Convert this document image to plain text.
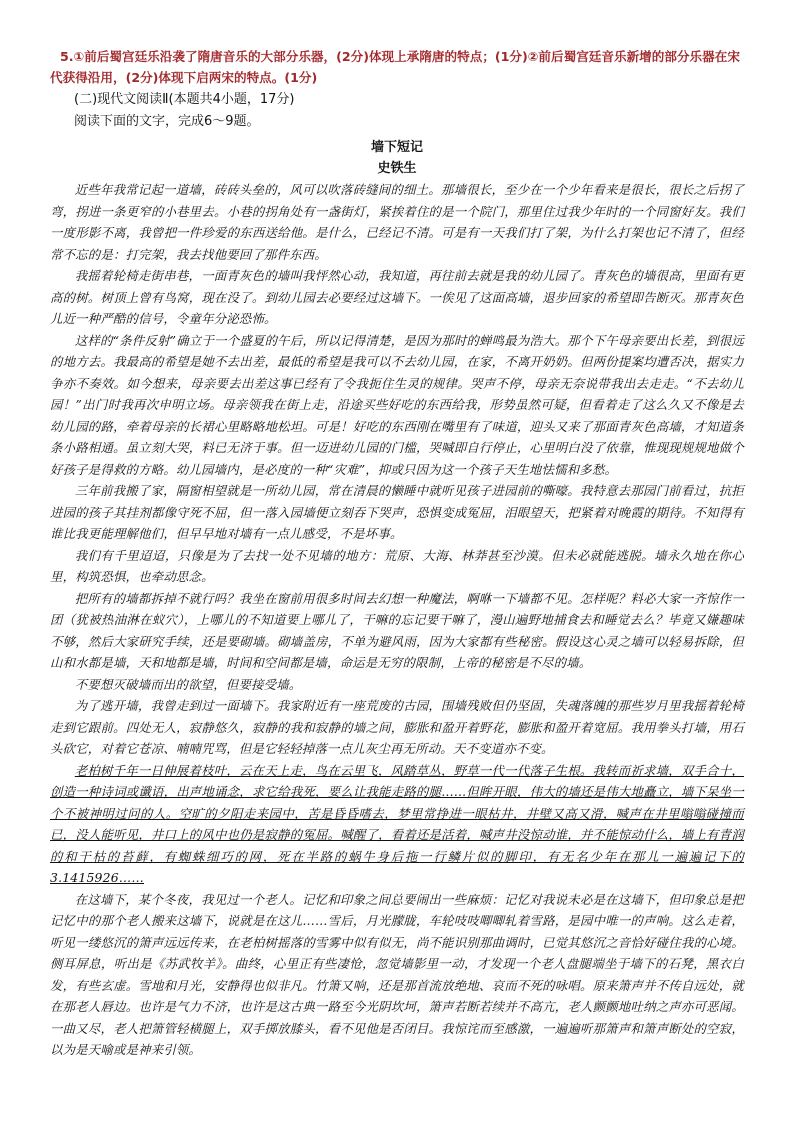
5.①前后蜀宫廷乐沿袭了隋唐音乐的大部分乐器，(2分)体现上承隋唐的特点；(1分)②前后蜀宫廷音乐新增的部分乐器在宋代获得沿用，(2分)体现下启两宋的特点。(1分)

(二)现代文阅读Ⅱ(本题共4小题，17分)

阅读下面的文字，完成6～9题。

墙下短记

史铁生

近些年我常记起一道墙，砖砖头垒的，风可以吹落砖缝间的细土。那墙很长，至少在一个少年看来是很长，很长之后拐了弯，拐进一条更窄的小巷里去。小巷的拐角处有一盏街灯，紧挨着住的是一个院门，那里住过我少年时的一个同窗好友。我们一度形影不离，我曾把一件珍爱的东西送给他。是什么，已经记不清。可是有一天我们打了架，为什么打架也记不清了，但经常不忘的是：打完架，我去找他要回了那件东西。

我摇着轮椅走街串巷，一面青灰色的墙叫我怦然心动，我知道，再往前去就是我的幼儿园了。青灰色的墙很高，里面有更高的树。树顶上曾有鸟窝，现在没了。到幼儿园去必要经过这墙下。一俟见了这面高墙，退步回家的希望即告断灭。那青灰色儿近一种严酷的信号，令童年分泌恐怖。

这样的“条件反射”确立于一个盛夏的午后，所以记得清楚，是因为那时的蝉鸣最为浩大。那个下午母亲要出长差，到很远的地方去。我最高的希望是她不去出差，最低的希望是我可以不去幼儿园，在家，不离开奶奶。但两份提案均遭否决，据实力争亦不奏效。如今想来，母亲要去出差这事已经有了令我扼住生灵的规律。哭声不停，母亲无奈说带我出去走走。“不去幼儿园！”出门时我再次申明立场。母亲领我在街上走，沿途买些好吃的东西给我，形势虽然可疑，但看着走了这么久又不像是去幼儿园的路，牵着母亲的长裙心里略略地松坦。可是！好吃的东西刚在嘴里有了味道，迎头又来了那面青灰色高墙，才知道条条小路相通。虽立刻大哭，料已无济于事。但一迈进幼儿园的门槛，哭喊即自行停止，心里明白没了依靠，惟现现规规地做个好孩子是得救的方略。幼儿园墙内，是必度的一种“灾难”，抑或只因为这一个孩子天生地怯懦和多愁。

三年前我搬了家，隔窗相望就是一所幼儿园，常在清晨的懒睡中就听见孩子进园前的嘶嚎。我特意去那园门前看过，抗拒进园的孩子其挂剂都像守死不屈，但一落入园墙便立刻吞下哭声，恐惧变成冤屈，泪眼望天，把紧着对晚霞的期待。不知得有谁比我更能理解他们，但早早地对墙有一点儿感受，不是坏事。

我们有千里迢迢，只像是为了去找一处不见墙的地方：荒原、大海、林莽甚至沙漠。但未必就能逃脱。墙永久地在你心里，构筑恐惧，也牵动思念。

把所有的墙都拆掉不就行吗？我坐在窗前用很多时间去幻想一种魔法，啊咻一下墙都不见。怎样呢？料必大家一齐惊作一团（犹被热油淋在蚁穴），上哪儿的不知道要上哪儿了，干嘛的忘记要干嘛了，漫山遍野地捕食去和睡觉去么？毕竟又嫌趣味不够，然后大家研究手续，还是要砌墙。砌墙盖房，不单为避风雨，因为大家都有些秘密。假设这心灵之墙可以轻易拆除，但山和水都是墙，天和地都是墙，时间和空间都是墙，命运是无穷的限制，上帝的秘密是不尽的墙。

不要想灭破墙而出的欲望，但要接受墙。

为了逃开墙，我曾走到过一面墙下。我家附近有一座荒废的古园，围墙残败但仍坚固，失魂落魄的那些岁月里我摇着轮椅走到它跟前。四处无人，寂静悠久，寂静的我和寂静的墙之间，膨胀和盈开着野花，膨胀和盈开着宽屈。我用拳头打墙，用石头砍它，对着它苍凉、喃喃咒骂，但是它轻轻掉落一点儿灰尘再无所动。天不变道亦不变。

老柏树千年一日伸展着枝叶，云在天上走，鸟在云里飞，风踏草丛，野草一代一代落子生根。我转而祈求墙，双手合十，创造一种诗词或谶语，出声地诵念，求它给我死，要么让我能走路的腿……但眸开眼，伟大的墙还是伟大地矗立，墙下呆坐一个不被神明过问的人。空旷的夕阳走来园中，苦是昏昏嗜去，梦里常挣进一眼枯井，井壁又高又滑，喊声在井里嗡嗡碰撞而已，没人能听见，井口上的风中也仍是寂静的冤屈。喊醒了，看着还是活着，喊声井没惊动谁，并不能惊动什么，墙上有青润的和干枯的苔藓，有蜘蛛细巧的网，死在半路的蜗牛身后拖一行鳞片似的脚印，有无名少年在那儿一遍遍记下的3.1415926……

在这墙下，某个冬夜，我见过一个老人。记忆和印象之间总要闹出一些麻烦：记忆对我说未必是在这墙下，但印象总是把记忆中的那个老人搬来这墙下，说就是在这儿……雪后，月光朦胧，车轮吱吱唧唧轧着雪路，是园中唯一的声响。这么走着，听见一缕悠沉的箫声远远传来，在老柏树摇落的雪雾中似有似无，尚不能识别那曲调时，已觉其悠沉之音恰好碰住我的心境。侧耳屏息，听出是《苏武牧羊》。曲终，心里正有些凄怆，忽觉墙影里一动，才发现一个老人盘腿端坐于墙下的石凳，黑衣白发，有些玄虚。雪地和月光，安静得也似非凡。竹箫又响，还是那首流放绝地、哀而不死的咏唱。原来箫声并不传自远处，就在那老人唇边。也许是气力不济，也许是这古典一路至今光阴坎坷，箫声若断若续并不高亢，老人颤颤地吐纳之声亦可恶闻。一曲又尽，老人把箫管轻横腿上，双手掷放膝头，看不见他是否闭目。我惊诧而至感激，一遍遍听那箫声和箫声断处的空寂，以为是天喻或是神来引领。
